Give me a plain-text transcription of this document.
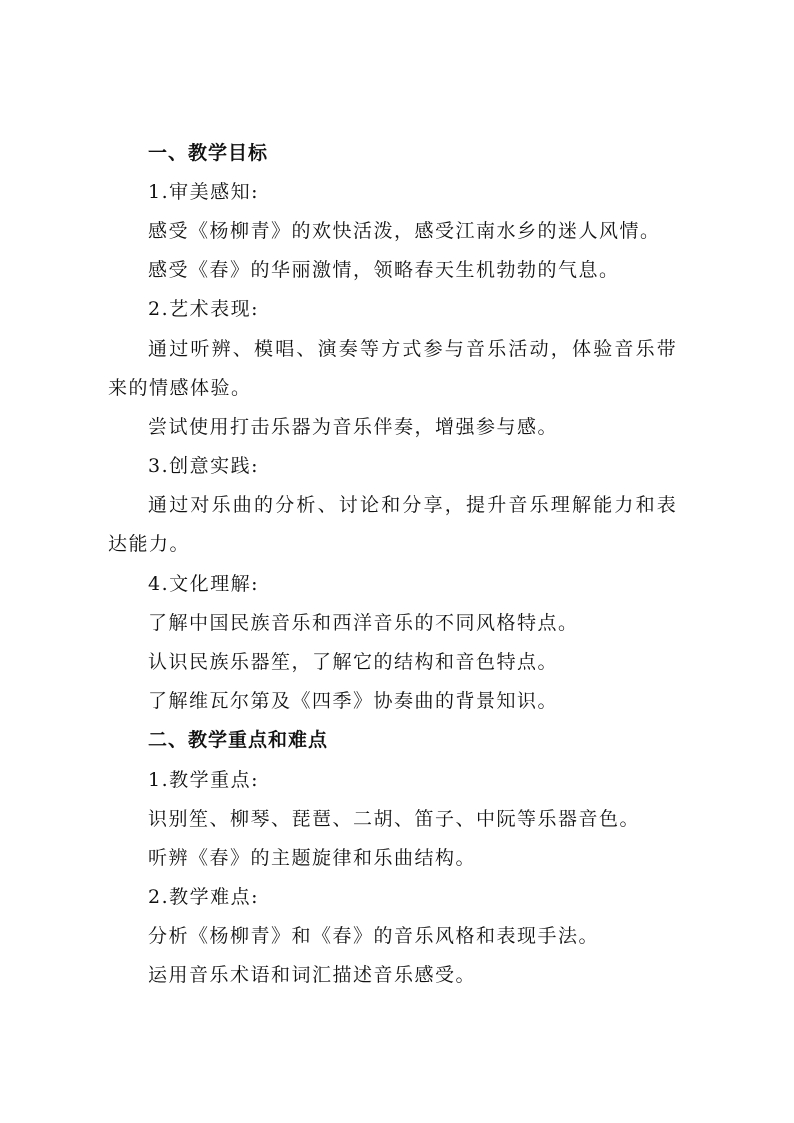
一、教学目标
1.审美感知:
感受《杨柳青》的欢快活泼，感受江南水乡的迷人风情。
感受《春》的华丽激情，领略春天生机勃勃的气息。
2.艺术表现:
通过听辨、模唱、演奏等方式参与音乐活动，体验音乐带
来的情感体验。
尝试使用打击乐器为音乐伴奏，增强参与感。
3.创意实践:
通过对乐曲的分析、讨论和分享，提升音乐理解能力和表
达能力。
4.文化理解:
了解中国民族音乐和西洋音乐的不同风格特点。
认识民族乐器笙，了解它的结构和音色特点。
了解维瓦尔第及《四季》协奏曲的背景知识。
二、教学重点和难点
1.教学重点:
识别笙、柳琴、琵琶、二胡、笛子、中阮等乐器音色。
听辨《春》的主题旋律和乐曲结构。
2.教学难点:
分析《杨柳青》和《春》的音乐风格和表现手法。
运用音乐术语和词汇描述音乐感受。
